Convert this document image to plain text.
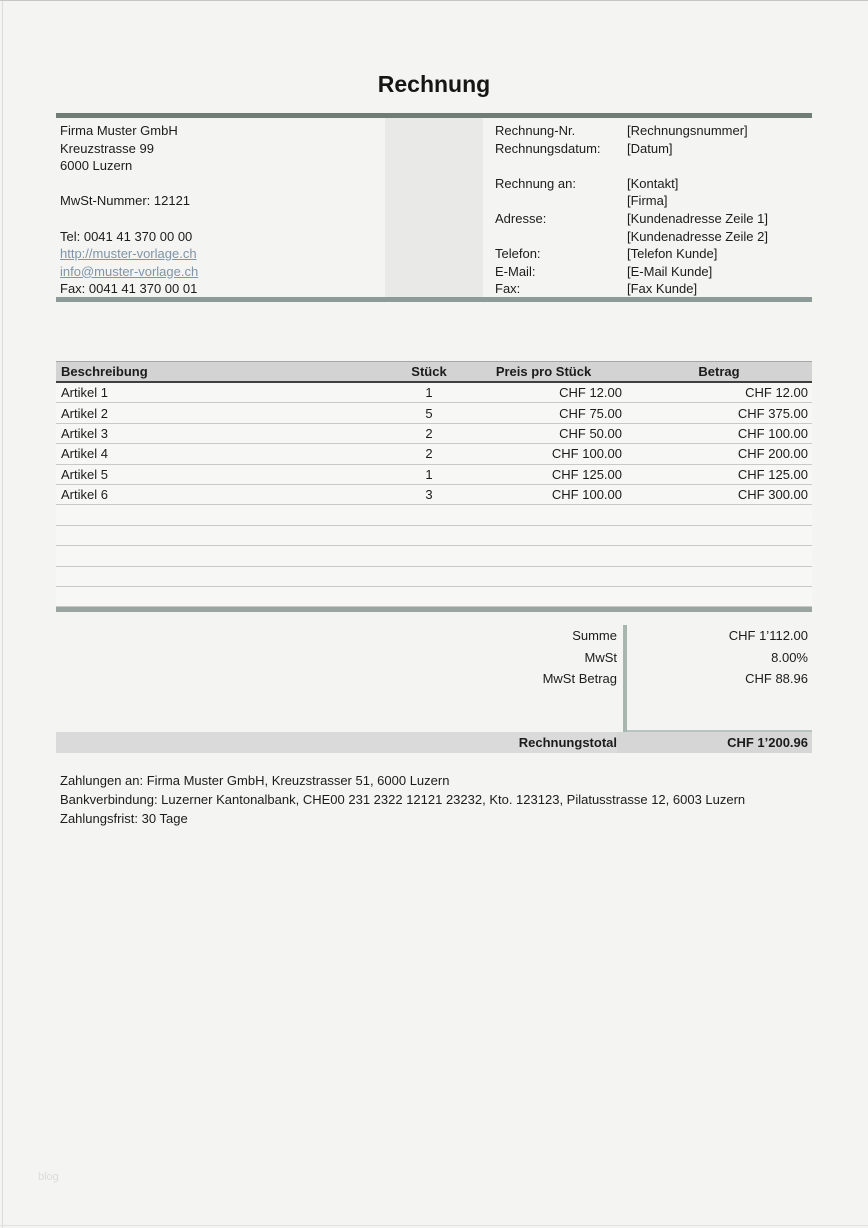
Rechnung
Firma Muster GmbH
Kreuzstrasse 99
6000 Luzern
MwSt-Nummer: 12121
Tel: 0041 41 370 00 00
http://muster-vorlage.ch
info@muster-vorlage.ch
Fax: 0041 41 370 00 01
Rechnung-Nr.	[Rechnungsnummer]
Rechnungsdatum:	[Datum]
Rechnung an:	[Kontakt]
[Firma]
Adresse:	[Kundenadresse Zeile 1]
[Kundenadresse Zeile 2]
Telefon:	[Telefon Kunde]
E-Mail:	[E-Mail Kunde]
Fax:	[Fax Kunde]
Beschreibung	Stück	Preis pro Stück	Betrag
Artikel 1	1	CHF 12.00	CHF 12.00
Artikel 2	5	CHF 75.00	CHF 375.00
Artikel 3	2	CHF 50.00	CHF 100.00
Artikel 4	2	CHF 100.00	CHF 200.00
Artikel 5	1	CHF 125.00	CHF 125.00
Artikel 6	3	CHF 100.00	CHF 300.00
Summe	CHF 1’112.00
MwSt	8.00%
MwSt Betrag	CHF 88.96
Rechnungstotal	CHF 1’200.96
Zahlungen an: Firma Muster GmbH, Kreuzstrasser 51, 6000 Luzern
Bankverbindung: Luzerner Kantonalbank, CHE00 231 2322 12121 23232, Kto. 123123, Pilatusstrasse 12, 6003 Luzern
Zahlungsfrist: 30 Tage
blog
